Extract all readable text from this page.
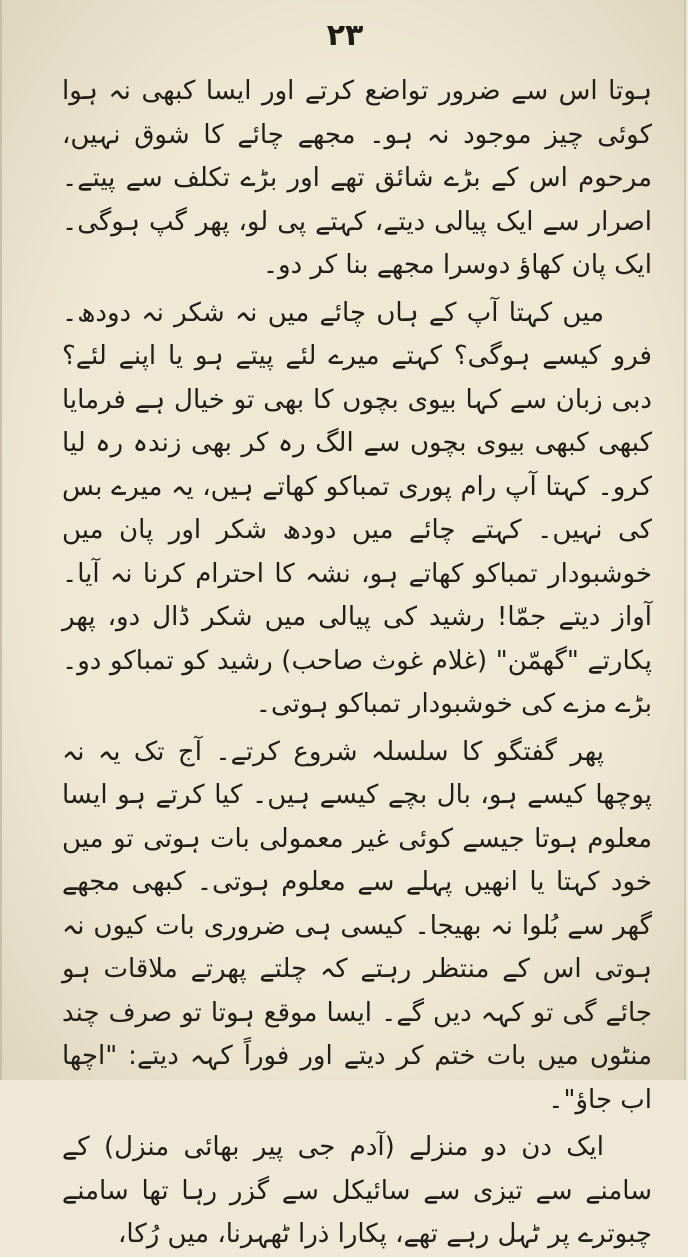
۲۳

ہوتا اس سے ضرور تواضع کرتے اور ایسا کبھی نہ ہوا کوئی چیز موجود نہ ہو۔ مجھے چائے کا شوق نہیں، مرحوم اس کے بڑے شائق تھے اور بڑے تکلف سے پیتے۔ اصرار سے ایک پیالی دیتے، کہتے پی لو، پھر گپ ہوگی۔ ایک پان کھاؤ دوسرا مجھے بنا کر دو۔

میں کہتا آپ کے ہاں چائے میں نہ شکر نہ دودھ۔ فرو کیسے ہوگی؟ کہتے میرے لئے پیتے ہو یا اپنے لئے؟ دبی زبان سے کہا بیوی بچوں کا بھی تو خیال ہے فرمایا کبھی کبھی بیوی بچوں سے الگ رہ کر بھی زندہ رہ لیا کرو۔ کہتا آپ رام پوری تمباکو کھاتے ہیں، یہ میرے بس کی نہیں۔ کہتے چائے میں دودھ شکر اور پان میں خوشبودار تمباکو کھاتے ہو، نشہ کا احترام کرنا نہ آیا۔ آواز دیتے جمّا! رشید کی پیالی میں شکر ڈال دو، پھر پکارتے "گھمّن" (غلام غوث صاحب) رشید کو تمباکو دو۔ بڑے مزے کی خوشبودار تمباکو ہوتی۔

پھر گفتگو کا سلسلہ شروع کرتے۔ آج تک یہ نہ پوچھا کیسے ہو، بال بچے کیسے ہیں۔ کیا کرتے ہو ایسا معلوم ہوتا جیسے کوئی غیر معمولی بات ہوتی تو میں خود کہتا یا انھیں پہلے سے معلوم ہوتی۔ کبھی مجھے گھر سے بُلوا نہ بھیجا۔ کیسی ہی ضروری بات کیوں نہ ہوتی اس کے منتظر رہتے کہ چلتے پھرتے ملاقات ہو جائے گی تو کہہ دیں گے۔ ایسا موقع ہوتا تو صرف چند منٹوں میں بات ختم کر دیتے اور فوراً کہہ دیتے: "اچھا اب جاؤ"۔

ایک دن دو منزلے (آدم جی پیر بھائی منزل) کے سامنے سے تیزی سے سائیکل سے گزر رہا تھا سامنے چبوترے پر ٹہل رہے تھے، پکارا ذرا ٹھہرنا، میں رُکا،
